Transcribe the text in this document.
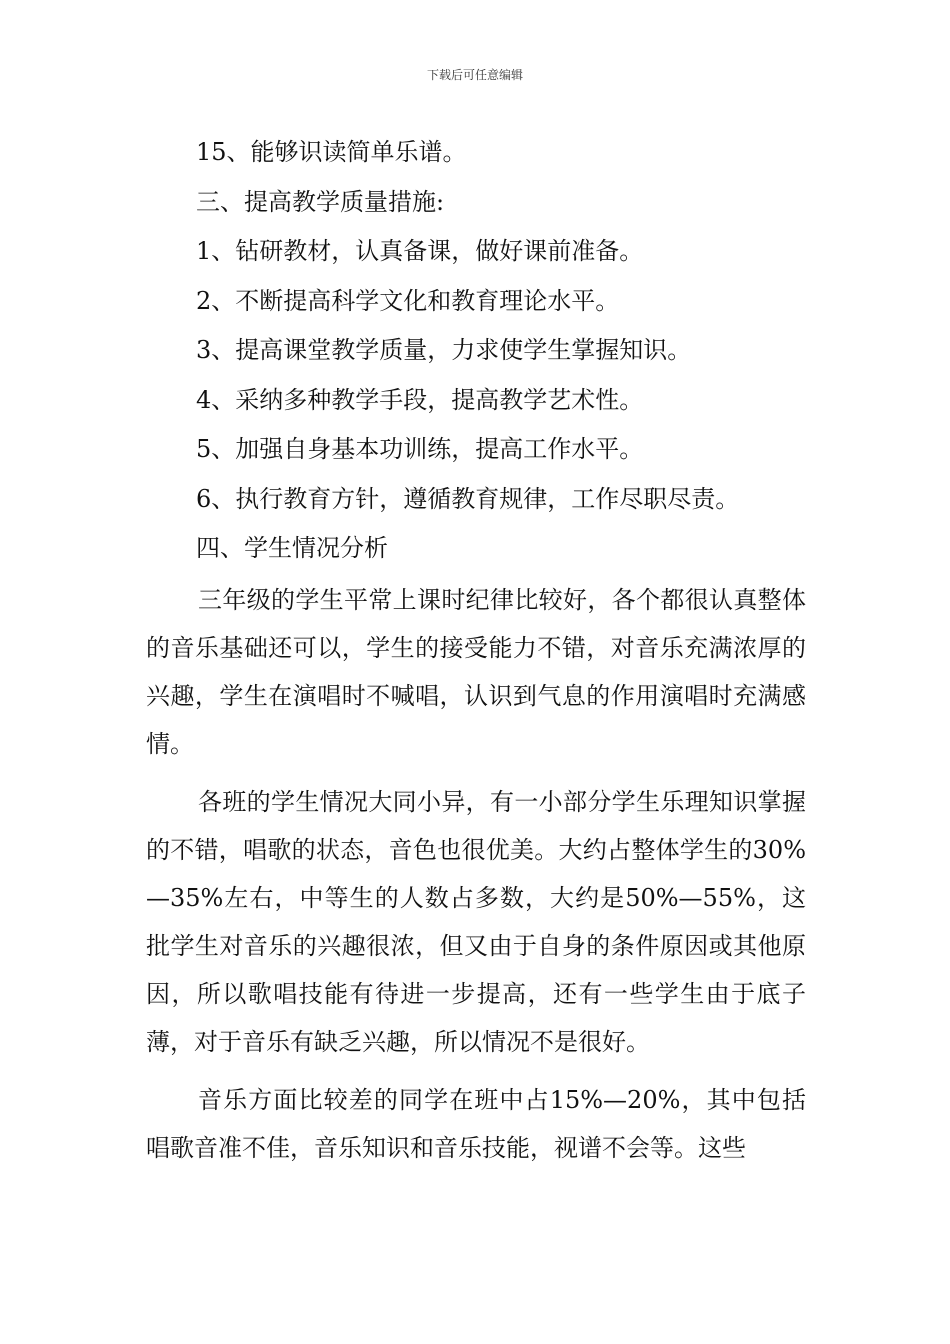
下载后可任意编辑
15、能够识读简单乐谱。
三、提高教学质量措施:
1、钻研教材，认真备课，做好课前准备。
2、不断提高科学文化和教育理论水平。
3、提高课堂教学质量，力求使学生掌握知识。
4、采纳多种教学手段，提高教学艺术性。
5、加强自身基本功训练，提高工作水平。
6、执行教育方针，遵循教育规律，工作尽职尽责。
四、学生情况分析

三年级的学生平常上课时纪律比较好，各个都很认真整体的音乐基础还可以，学生的接受能力不错，对音乐充满浓厚的兴趣，学生在演唱时不喊唱，认识到气息的作用演唱时充满感情。

各班的学生情况大同小异，有一小部分学生乐理知识掌握的不错，唱歌的状态，音色也很优美。大约占整体学生的30%—35%左右，中等生的人数占多数，大约是50%—55%，这批学生对音乐的兴趣很浓，但又由于自身的条件原因或其他原因，所以歌唱技能有待进一步提高，还有一些学生由于底子薄，对于音乐有缺乏兴趣，所以情况不是很好。

音乐方面比较差的同学在班中占15%—20%，其中包括唱歌音准不佳，音乐知识和音乐技能，视谱不会等。这些
